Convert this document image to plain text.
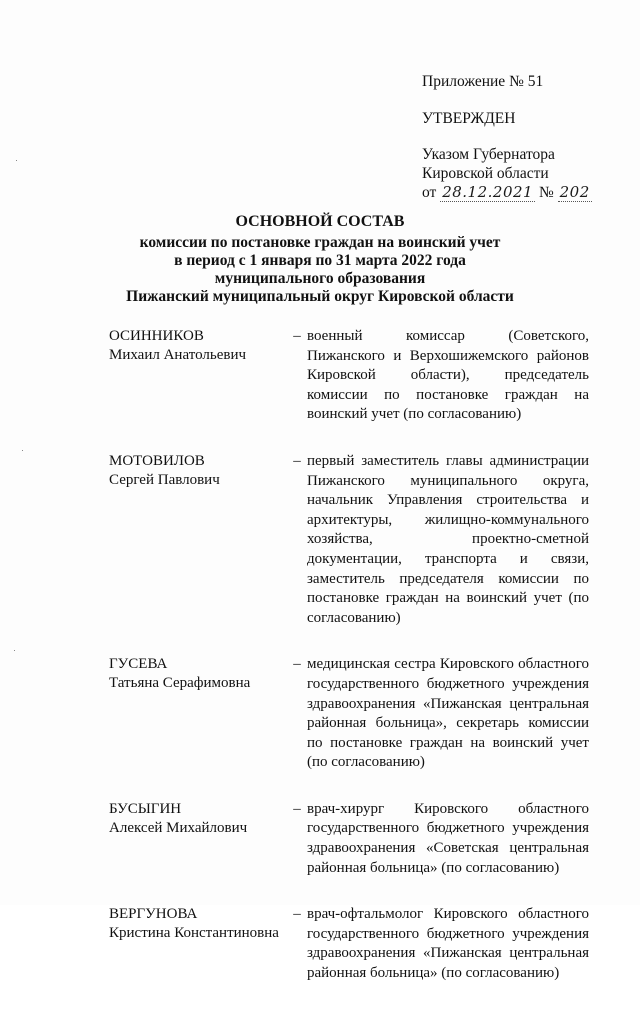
Приложение № 51

УТВЕРЖДЕН

Указом Губернатора

Кировской области

от 28.12.2021 № 202

ОСНОВНОЙ СОСТАВ
комиссии по постановке граждан на воинский учет
в период с 1 января по 31 марта 2022 года
муниципального образования
Пижанский муниципальный округ Кировской области
ОСИННИКОВ
Михаил Анатольевич
– военный комиссар (Советского, Пижанского и Верхошижемского районов Кировской области), председатель комиссии по постановке граждан на воинский учет (по согласованию)
МОТОВИЛОВ
Сергей Павлович
– первый заместитель главы администрации Пижанского муниципального округа, начальник Управления строительства и архитектуры, жилищно-коммунального хозяйства, проектно-сметной документации, транспорта и связи, заместитель председателя комиссии по постановке граждан на воинский учет (по согласованию)
ГУСЕВА
Татьяна Серафимовна
– медицинская сестра Кировского областного государственного бюджетного учреждения здравоохранения «Пижанская центральная районная больница», секретарь комиссии по постановке граждан на воинский учет (по согласованию)
БУСЫГИН
Алексей Михайлович
– врач-хирург Кировского областного государственного бюджетного учреждения здравоохранения «Советская центральная районная больница» (по согласованию)
ВЕРГУНОВА
Кристина Константиновна
– врач-офтальмолог Кировского областного государственного бюджетного учреждения здравоохранения «Пижанская центральная районная больница» (по согласованию)
